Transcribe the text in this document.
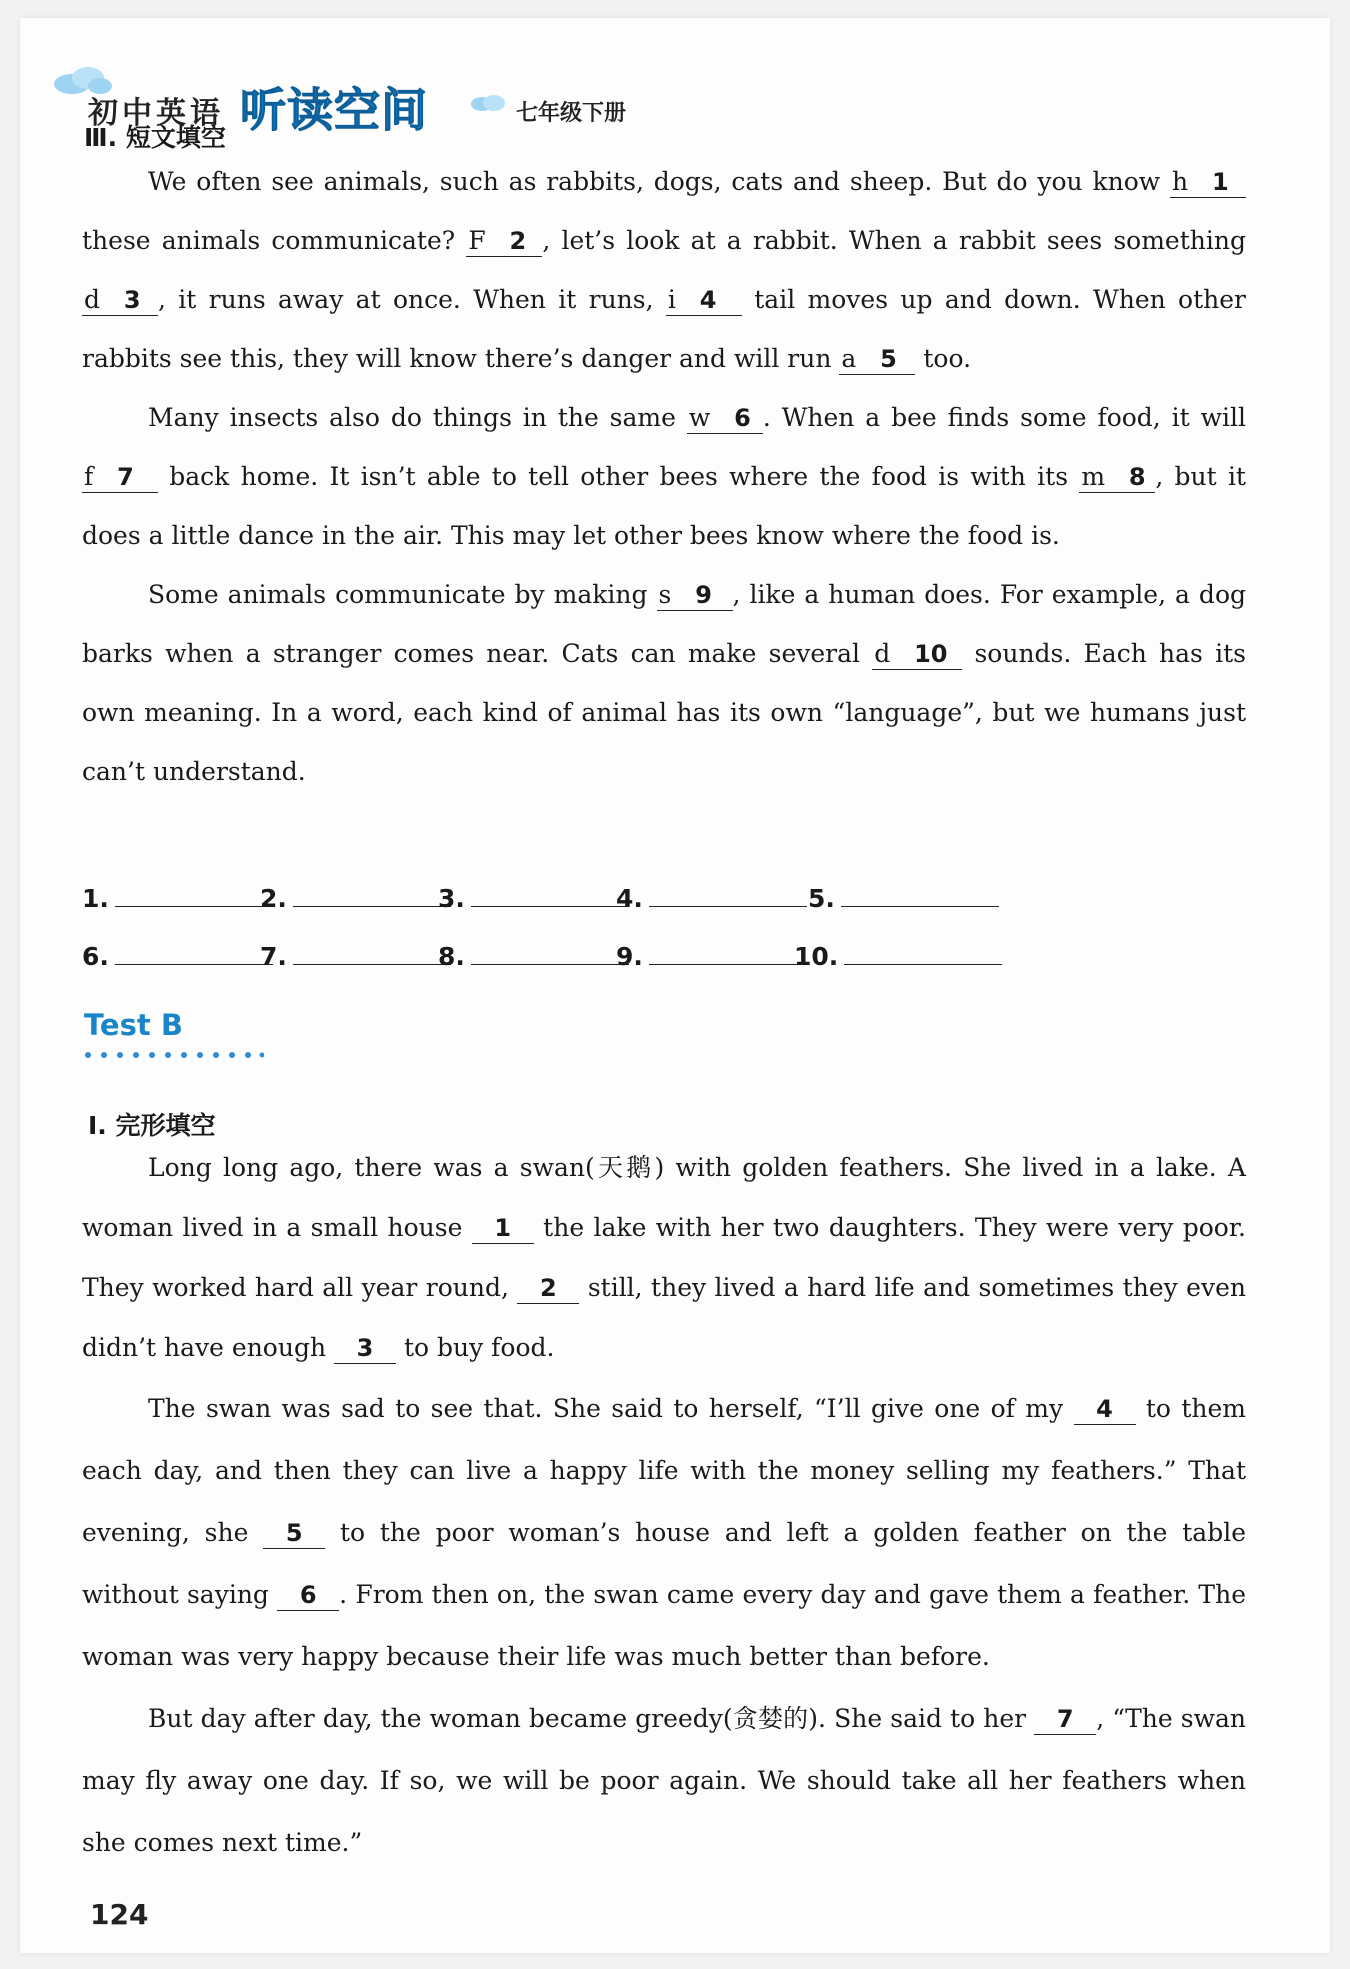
初中英语 听读空间	七年级下册
Ⅲ. 短文填空

We often see animals, such as rabbits, dogs, cats and sheep. But do you know h 1 these animals communicate? F 2 , let’s look at a rabbit. When a rabbit sees something d 3 , it runs away at once. When it runs, i 4 tail moves up and down. When other rabbits see this, they will know there’s danger and will run a 5 too.

Many insects also do things in the same w 6 . When a bee finds some food, it will f 7 back home. It isn’t able to tell other bees where the food is with its m 8 , but it does a little dance in the air. This may let other bees know where the food is.

Some animals communicate by making s 9 , like a human does. For example, a dog barks when a stranger comes near. Cats can make several d 10 sounds. Each has its own meaning. In a word, each kind of animal has its own “language”, but we humans just can’t understand.

1.	2.	3.	4.	5.
6.	7.	8.	9.	10.
Test B
Ⅰ. 完形填空

Long long ago, there was a swan(天鹅) with golden feathers. She lived in a lake. A woman lived in a small house 1 the lake with her two daughters. They were very poor. They worked hard all year round, 2 still, they lived a hard life and sometimes they even didn’t have enough 3 to buy food.

The swan was sad to see that. She said to herself, “I’ll give one of my 4 to them each day, and then they can live a happy life with the money selling my feathers.” That evening, she 5 to the poor woman’s house and left a golden feather on the table without saying 6 . From then on, the swan came every day and gave them a feather. The woman was very happy because their life was much better than before.

But day after day, the woman became greedy(贪婪的). She said to her 7 , “The swan may fly away one day. If so, we will be poor again. We should take all her feathers when she comes next time.”

124
